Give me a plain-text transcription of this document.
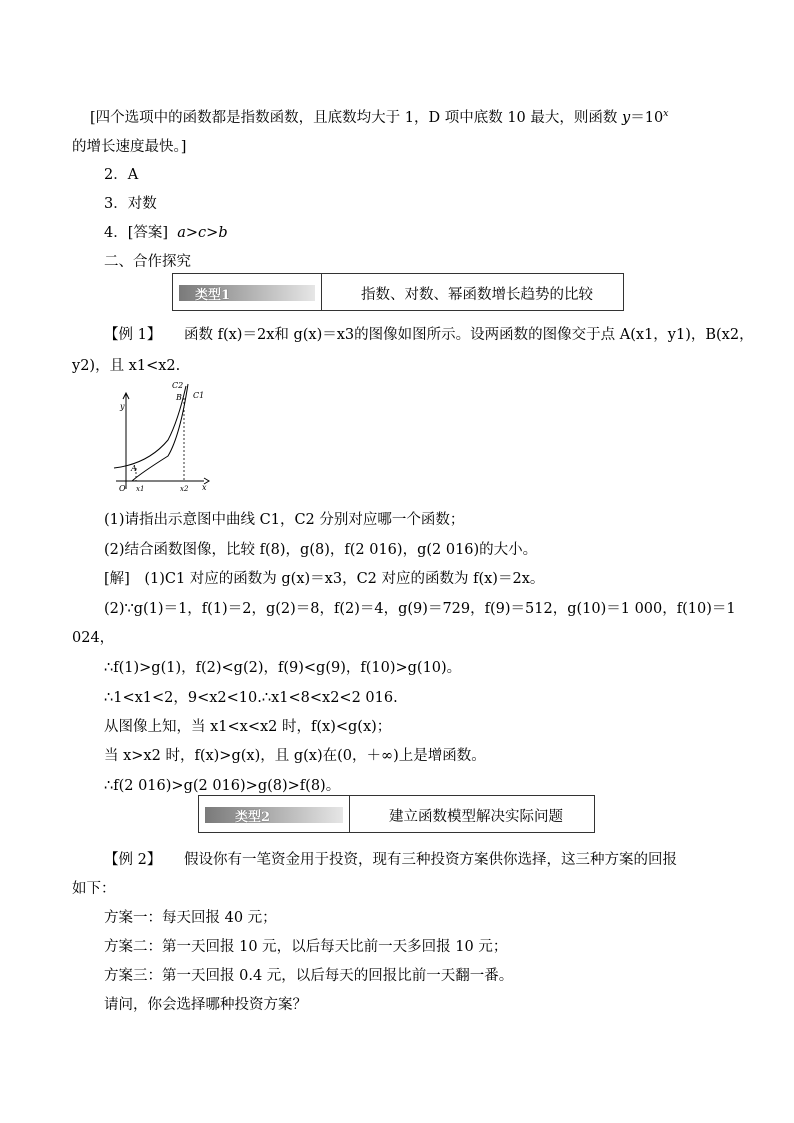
[四个选项中的函数都是指数函数，且底数均大于 1，D 项中底数 10 最大，则函数 $y=10^x$
的增长速度最快。]
2．A
3．对数
4．[答案] a>c>b
二、合作探究
类型1	指数、对数、幂函数增长趋势的比较
【例 1】 函数 f(x)＝2x和 g(x)＝x3的图像如图所示。设两函数的图像交于点 A(x1，y1)，B(x2，
y2)，且 x1<x2.
y
x
O
C2
C1
B
A
x1	x2
(1)请指出示意图中曲线 C1，C2 分别对应哪一个函数；
(2)结合函数图像，比较 f(8)，g(8)，f(2 016)，g(2 016)的大小。
[解]　(1)C1 对应的函数为 g(x)＝x3，C2 对应的函数为 f(x)＝2x。
(2)∵g(1)＝1，f(1)＝2，g(2)＝8，f(2)＝4，g(9)＝729，f(9)＝512，g(10)＝1 000，f(10)＝1
024，
∴f(1)>g(1)，f(2)<g(2)，f(9)<g(9)，f(10)>g(10)。
∴1<x1<2，9<x2<10.∴x1<8<x2<2 016.
从图像上知，当 x1<x<x2 时，f(x)<g(x)；
当 x>x2 时，f(x)>g(x)，且 g(x)在(0，＋∞)上是增函数。
∴f(2 016)>g(2 016)>g(8)>f(8)。
类型2	建立函数模型解决实际问题
【例 2】 假设你有一笔资金用于投资，现有三种投资方案供你选择，这三种方案的回报
如下：
方案一：每天回报 40 元；
方案二：第一天回报 10 元，以后每天比前一天多回报 10 元；
方案三：第一天回报 0.4 元，以后每天的回报比前一天翻一番。
请问，你会选择哪种投资方案？
